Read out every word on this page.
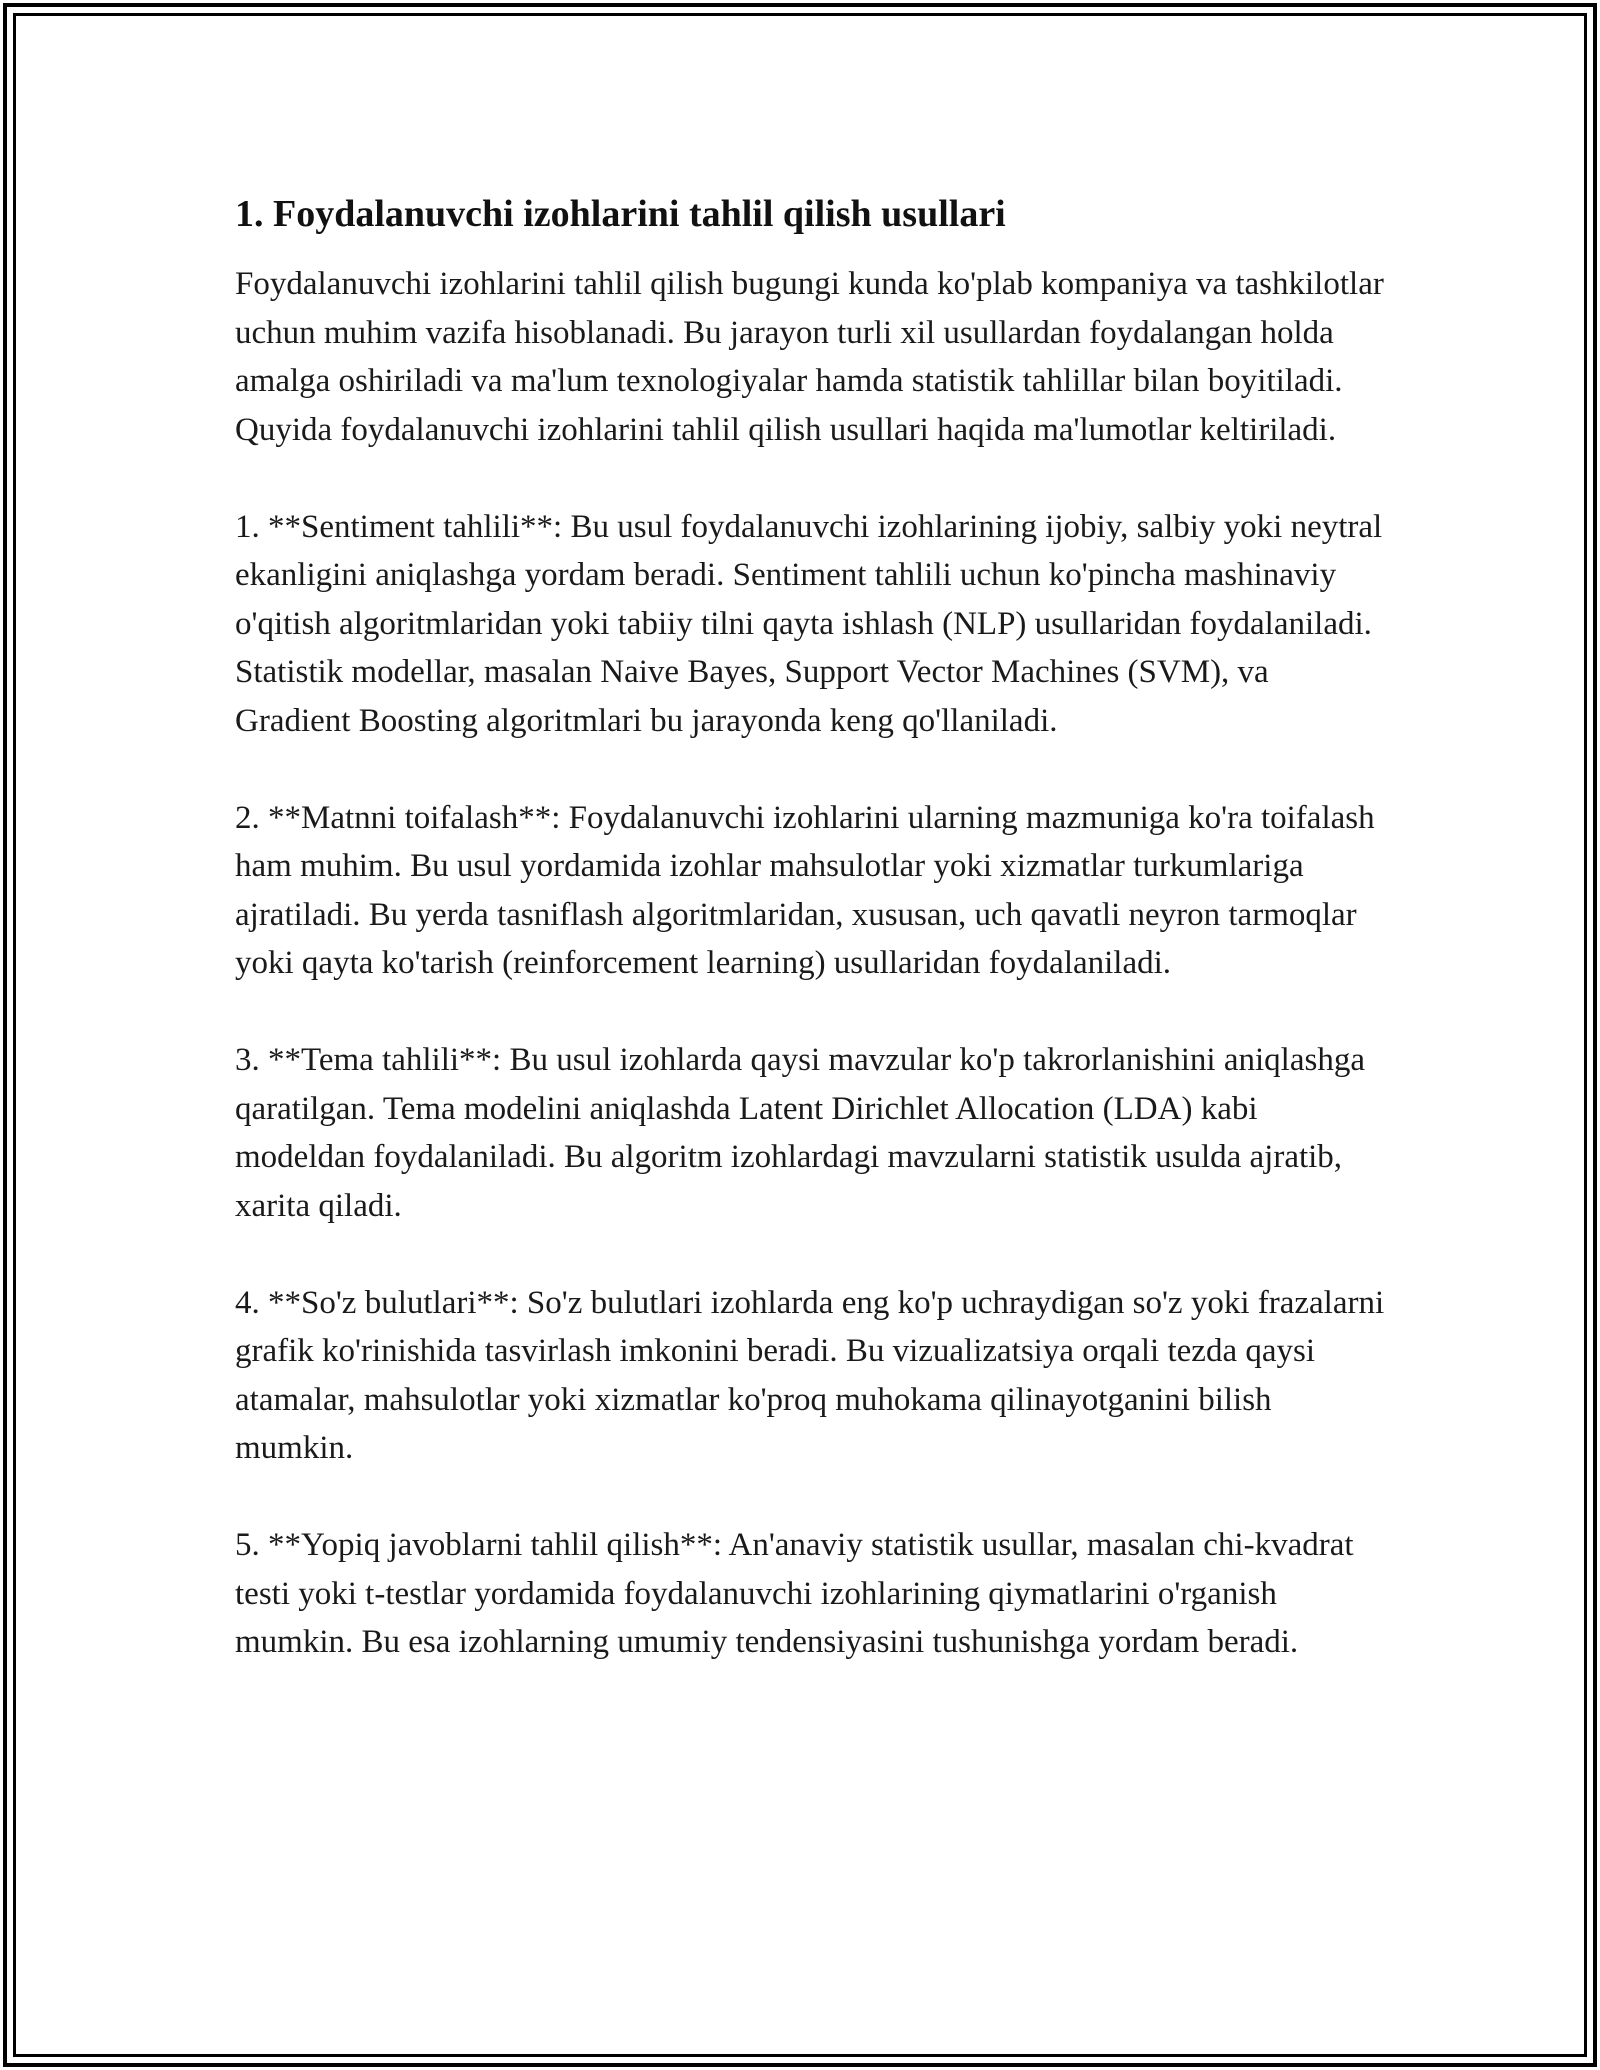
1. Foydalanuvchi izohlarini tahlil qilish usullari

Foydalanuvchi izohlarini tahlil qilish bugungi kunda ko'plab kompaniya va tashkilotlar uchun muhim vazifa hisoblanadi. Bu jarayon turli xil usullardan foydalangan holda amalga oshiriladi va ma'lum texnologiyalar hamda statistik tahlillar bilan boyitiladi. Quyida foydalanuvchi izohlarini tahlil qilish usullari haqida ma'lumotlar keltiriladi.

1. **Sentiment tahlili**: Bu usul foydalanuvchi izohlarining ijobiy, salbiy yoki neytral ekanligini aniqlashga yordam beradi. Sentiment tahlili uchun ko'pincha mashinaviy o'qitish algoritmlaridan yoki tabiiy tilni qayta ishlash (NLP) usullaridan foydalaniladi. Statistik modellar, masalan Naive Bayes, Support Vector Machines (SVM), va Gradient Boosting algoritmlari bu jarayonda keng qo'llaniladi.

2. **Matnni toifalash**: Foydalanuvchi izohlarini ularning mazmuniga ko'ra toifalash ham muhim. Bu usul yordamida izohlar mahsulotlar yoki xizmatlar turkumlariga ajratiladi. Bu yerda tasniflash algoritmlaridan, xususan, uch qavatli neyron tarmoqlar yoki qayta ko'tarish (reinforcement learning) usullaridan foydalaniladi.

3. **Tema tahlili**: Bu usul izohlarda qaysi mavzular ko'p takrorlanishini aniqlashga qaratilgan. Tema modelini aniqlashda Latent Dirichlet Allocation (LDA) kabi modeldan foydalaniladi. Bu algoritm izohlardagi mavzularni statistik usulda ajratib, xarita qiladi.

4. **So'z bulutlari**: So'z bulutlari izohlarda eng ko'p uchraydigan so'z yoki frazalarni grafik ko'rinishida tasvirlash imkonini beradi. Bu vizualizatsiya orqali tezda qaysi atamalar, mahsulotlar yoki xizmatlar ko'proq muhokama qilinayotganini bilish mumkin.

5. **Yopiq javoblarni tahlil qilish**: An'anaviy statistik usullar, masalan chi-kvadrat testi yoki t-testlar yordamida foydalanuvchi izohlarining qiymatlarini o'rganish mumkin. Bu esa izohlarning umumiy tendensiyasini tushunishga yordam beradi.
